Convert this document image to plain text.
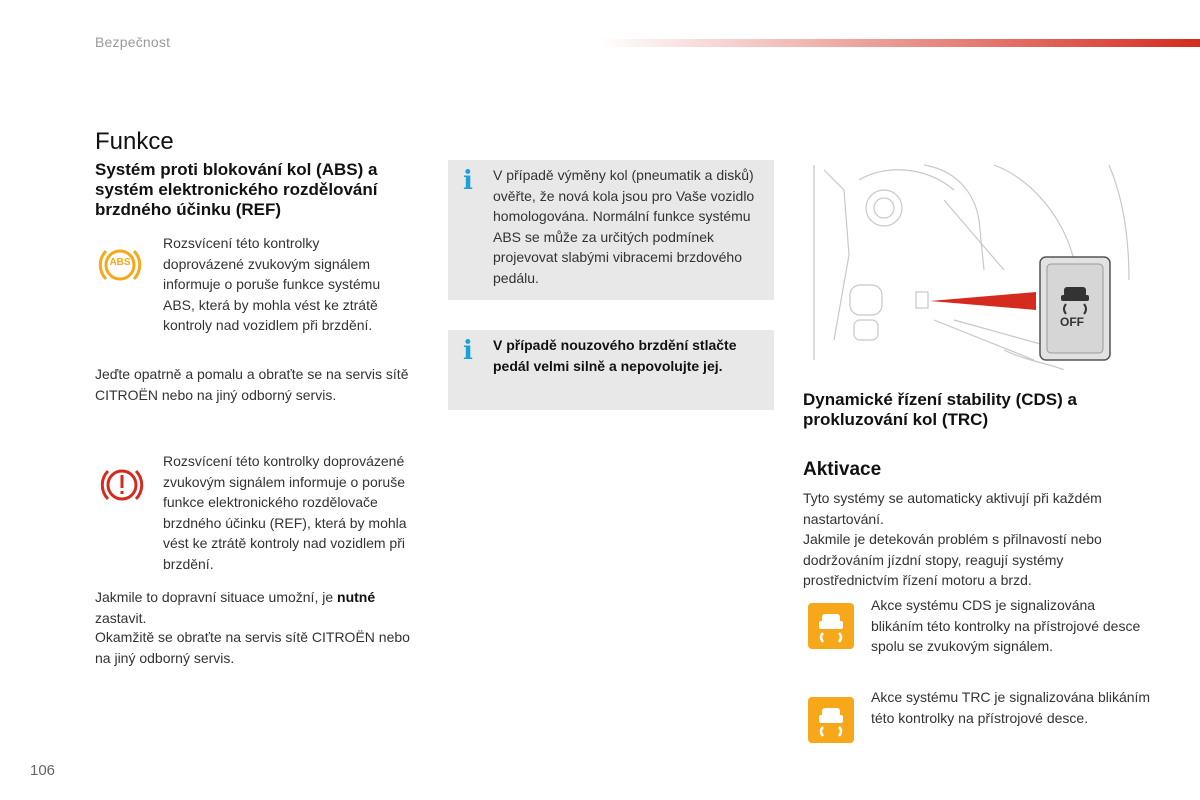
Bezpečnost
Funkce
Systém proti blokování kol (ABS) a systém elektronického rozdělování brzdného účinku (REF)
ABS
Rozsvícení této kontrolky doprovázené zvukovým signálem informuje o poruše funkce systému ABS, která by mohla vést ke ztrátě kontroly nad vozidlem při brzdění.
Jeďte opatrně a pomalu a obraťte se na servis sítě CITROËN nebo na jiný odborný servis.
Rozsvícení této kontrolky doprovázené zvukovým signálem informuje o poruše funkce elektronického rozdělovače brzdného účinku (REF), která by mohla vést ke ztrátě kontroly nad vozidlem při brzdění.
Jakmile to dopravní situace umožní, je nutné zastavit.
Okamžitě se obraťte na servis sítě CITROËN nebo na jiný odborný servis.
i V případě výměny kol (pneumatik a disků) ověřte, že nová kola jsou pro Vaše vozidlo homologována. Normální funkce systému ABS se může za určitých podmínek projevovat slabými vibracemi brzdového pedálu.
i V případě nouzového brzdění stlačte pedál velmi silně a nepovolujte jej.
OFF
Dynamické řízení stability (CDS) a prokluzování kol (TRC)
Aktivace
Tyto systémy se automaticky aktivují při každém nastartování.
Jakmile je detekován problém s přilnavostí nebo dodržováním jízdní stopy, reagují systémy prostřednictvím řízení motoru a brzd.
Akce systému CDS je signalizována blikáním této kontrolky na přístrojové desce spolu se zvukovým signálem.
Akce systému TRC je signalizována blikáním této kontrolky na přístrojové desce.
106
